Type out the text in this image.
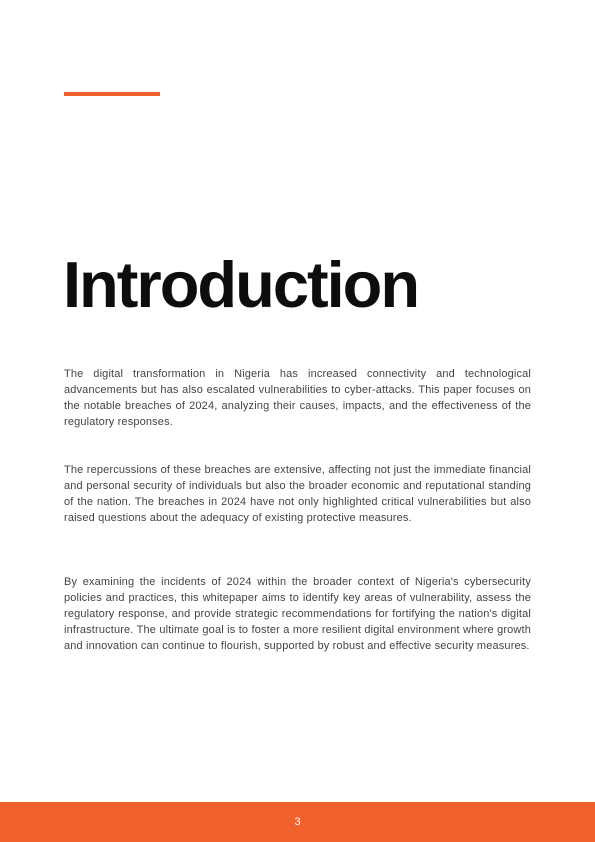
Introduction

The digital transformation in Nigeria has increased connectivity and technological advancements but has also escalated vulnerabilities to cyber-attacks. This paper focuses on the notable breaches of 2024, analyzing their causes, impacts, and the effectiveness of the regulatory responses.

The repercussions of these breaches are extensive, affecting not just the immediate financial and personal security of individuals but also the broader economic and reputational standing of the nation. The breaches in 2024 have not only highlighted critical vulnerabilities but also raised questions about the adequacy of existing protective measures.

By examining the incidents of 2024 within the broader context of Nigeria's cybersecurity policies and practices, this whitepaper aims to identify key areas of vulnerability, assess the regulatory response, and provide strategic recommendations for fortifying the nation's digital infrastructure. The ultimate goal is to foster a more resilient digital environment where growth and innovation can continue to flourish, supported by robust and effective security measures.

3
